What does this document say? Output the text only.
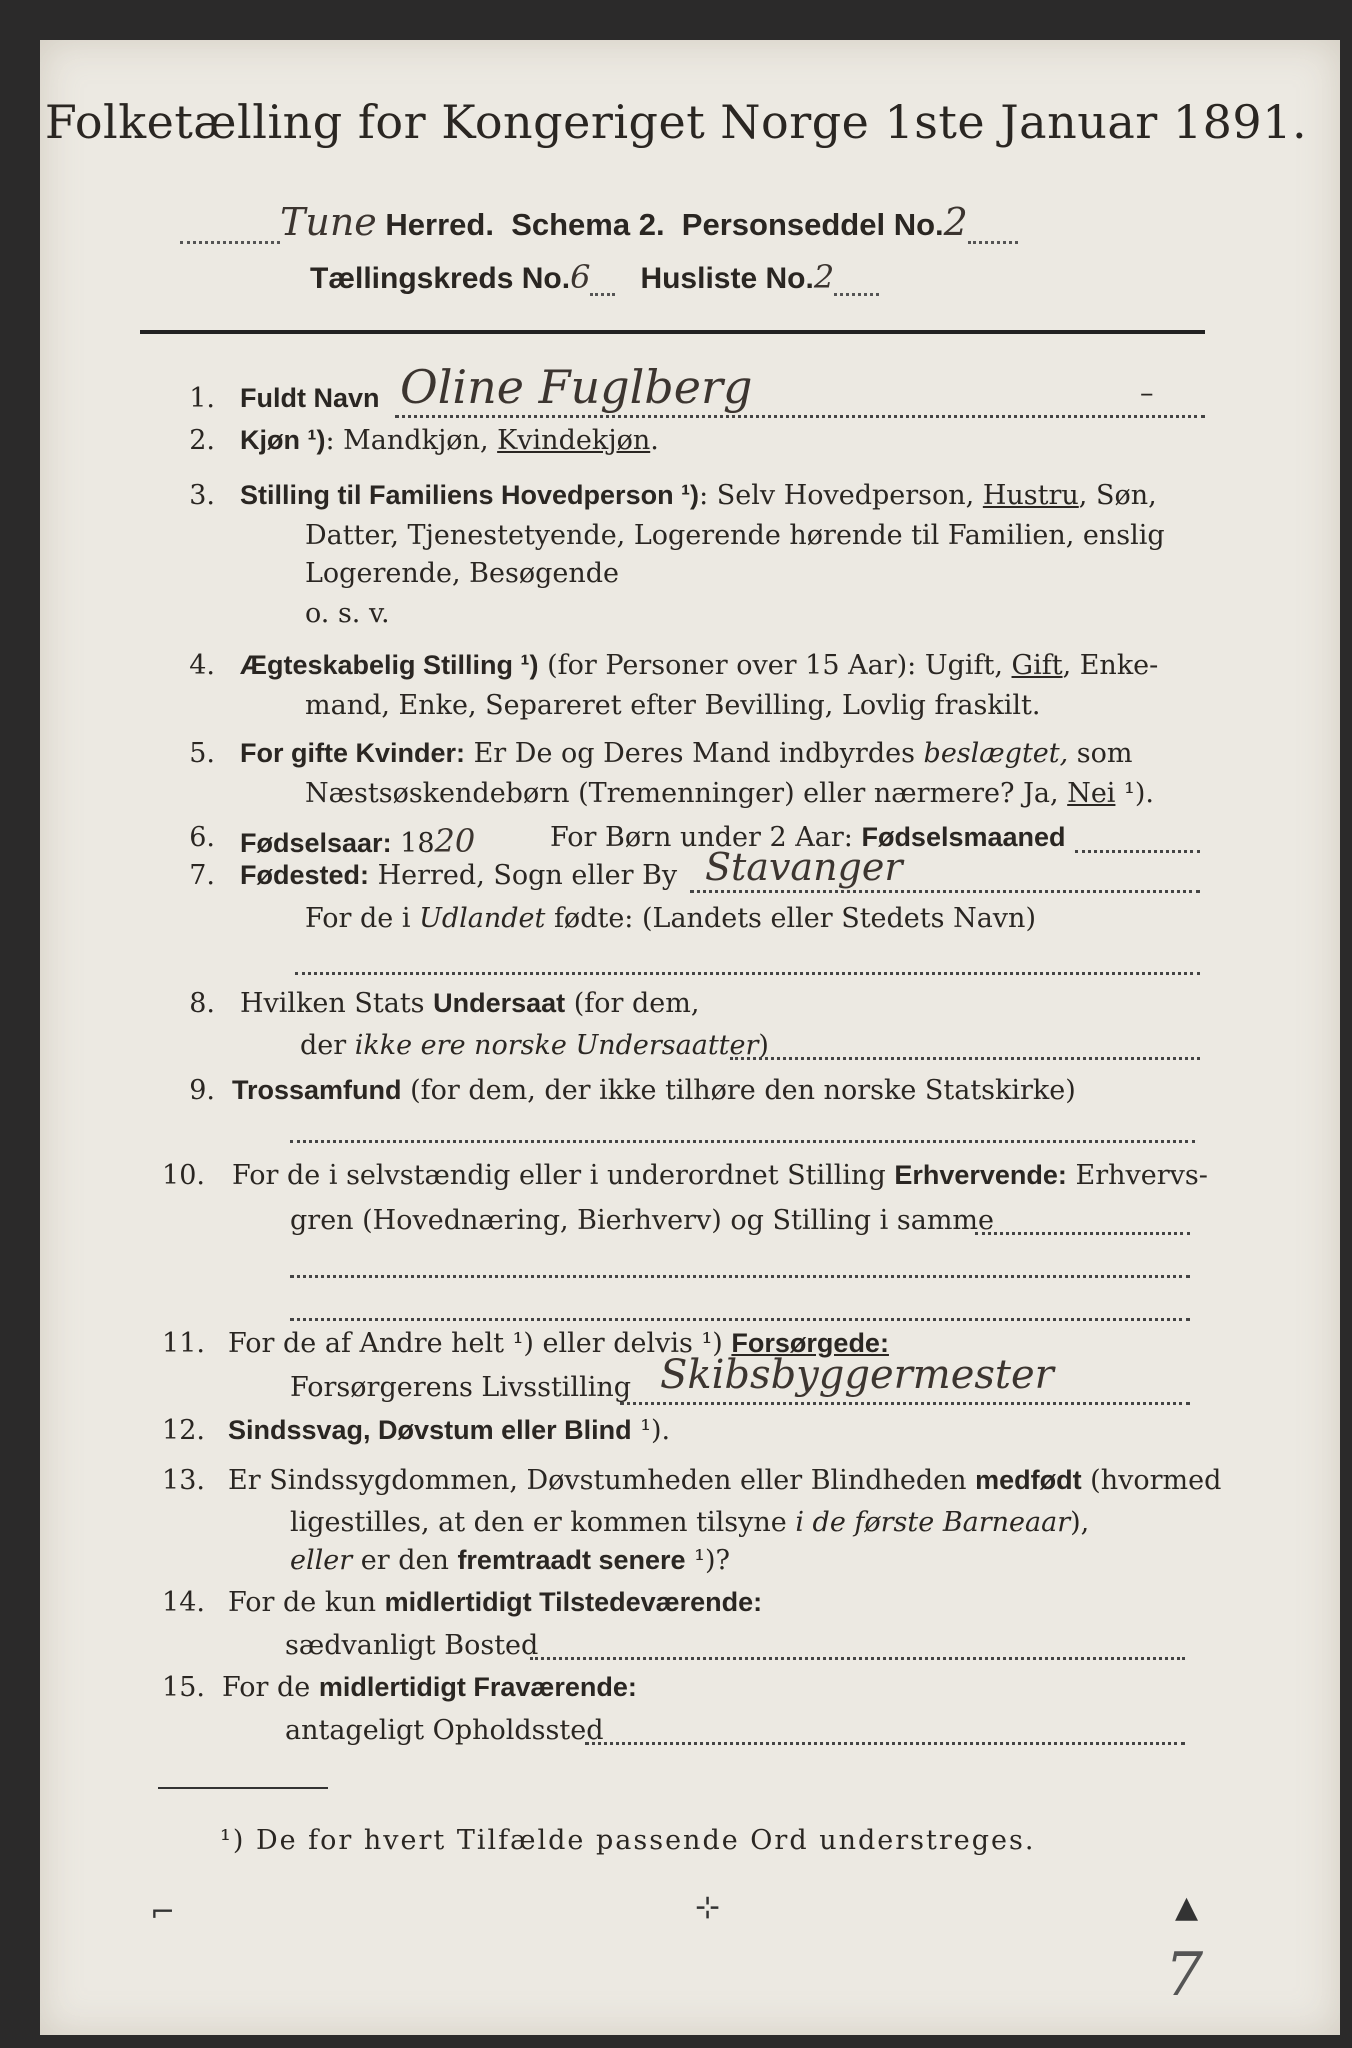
Folketælling for Kongeriget Norge 1ste Januar 1891.
Tune Herred. Schema 2. Personseddel No.2
Tællingskreds No.6 Husliste No.2
1. Fuldt Navn Oline Fuglberg	–
2. Kjøn ¹): Mandkjøn, Kvindekjøn.
3. Stilling til Familiens Hovedperson ¹): Selv Hovedperson, Hustru, Søn,
Datter, Tjenestetyende, Logerende hørende til Familien, enslig
Logerende, Besøgende
o. s. v.
4. Ægteskabelig Stilling ¹) (for Personer over 15 Aar): Ugift, Gift, Enke-
mand, Enke, Separeret efter Bevilling, Lovlig fraskilt.
5. For gifte Kvinder: Er De og Deres Mand indbyrdes beslægtet, som
Næstsøskendebørn (Tremenninger) eller nærmere? Ja, Nei ¹).
6. Fødselsaar: 1820	For Børn under 2 Aar: Fødselsmaaned
7. Fødested: Herred, Sogn eller By Stavanger
For de i Udlandet fødte: (Landets eller Stedets Navn)
8. Hvilken Stats Undersaat (for dem,
der ikke ere norske Undersaatter)
9. Trossamfund (for dem, der ikke tilhøre den norske Statskirke)
10. For de i selvstændig eller i underordnet Stilling Erhvervende: Erhvervs-
gren (Hovednæring, Bierhverv) og Stilling i samme
11. For de af Andre helt ¹) eller delvis ¹) Forsørgede:
Forsørgerens Livsstilling Skibsbyggermester
12. Sindssvag, Døvstum eller Blind ¹).
13. Er Sindssygdommen, Døvstumheden eller Blindheden medfødt (hvormed
ligestilles, at den er kommen tilsyne i de første Barneaar),
eller er den fremtraadt senere ¹)?
14. For de kun midlertidigt Tilstedeværende:
sædvanligt Bosted
15. For de midlertidigt Fraværende:
antageligt Opholdssted
¹) De for hvert Tilfælde passende Ord understreges.
⌐	⊹	▲
7
